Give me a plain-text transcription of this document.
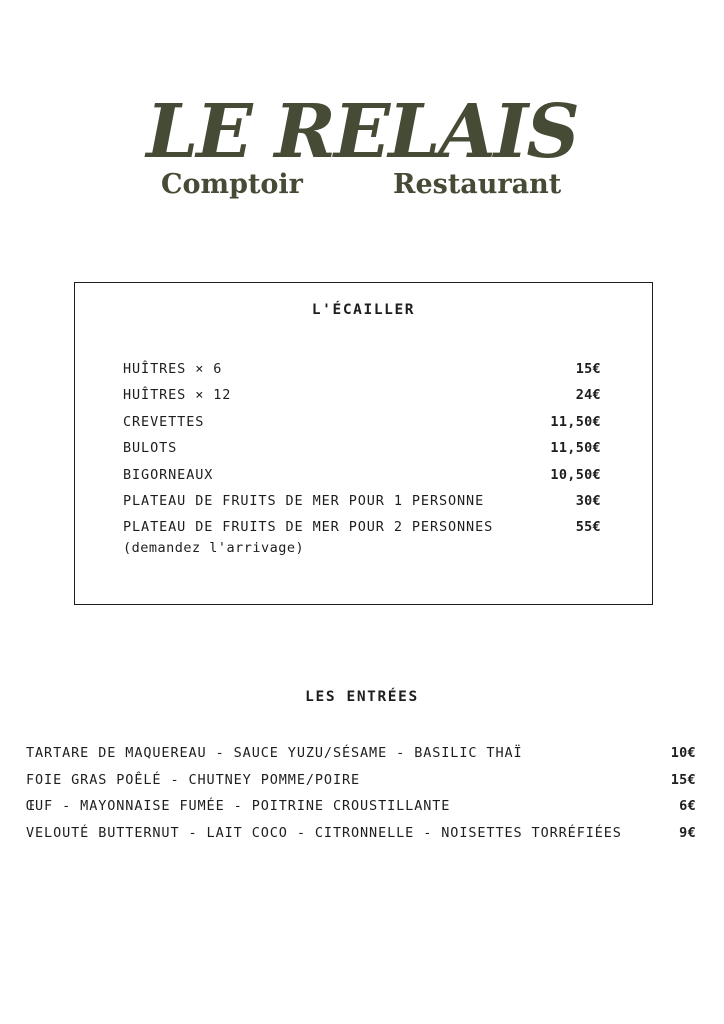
LE RELAIS
Comptoir	Restaurant
L'ÉCAILLER
HUÎTRES × 6	15€
HUÎTRES × 12	24€
CREVETTES	11,50€
BULOTS	11,50€
BIGORNEAUX	10,50€
PLATEAU DE FRUITS DE MER POUR 1 PERSONNE	30€
PLATEAU DE FRUITS DE MER POUR 2 PERSONNES	55€
(demandez l'arrivage)
LES ENTRÉES
TARTARE DE MAQUEREAU - SAUCE YUZU/SÉSAME - BASILIC THAÏ	10€
FOIE GRAS POÊLÉ - CHUTNEY POMME/POIRE	15€
ŒUF - MAYONNAISE FUMÉE - POITRINE CROUSTILLANTE	6€
VELOUTÉ BUTTERNUT - LAIT COCO - CITRONNELLE - NOISETTES TORRÉFIÉES	9€
